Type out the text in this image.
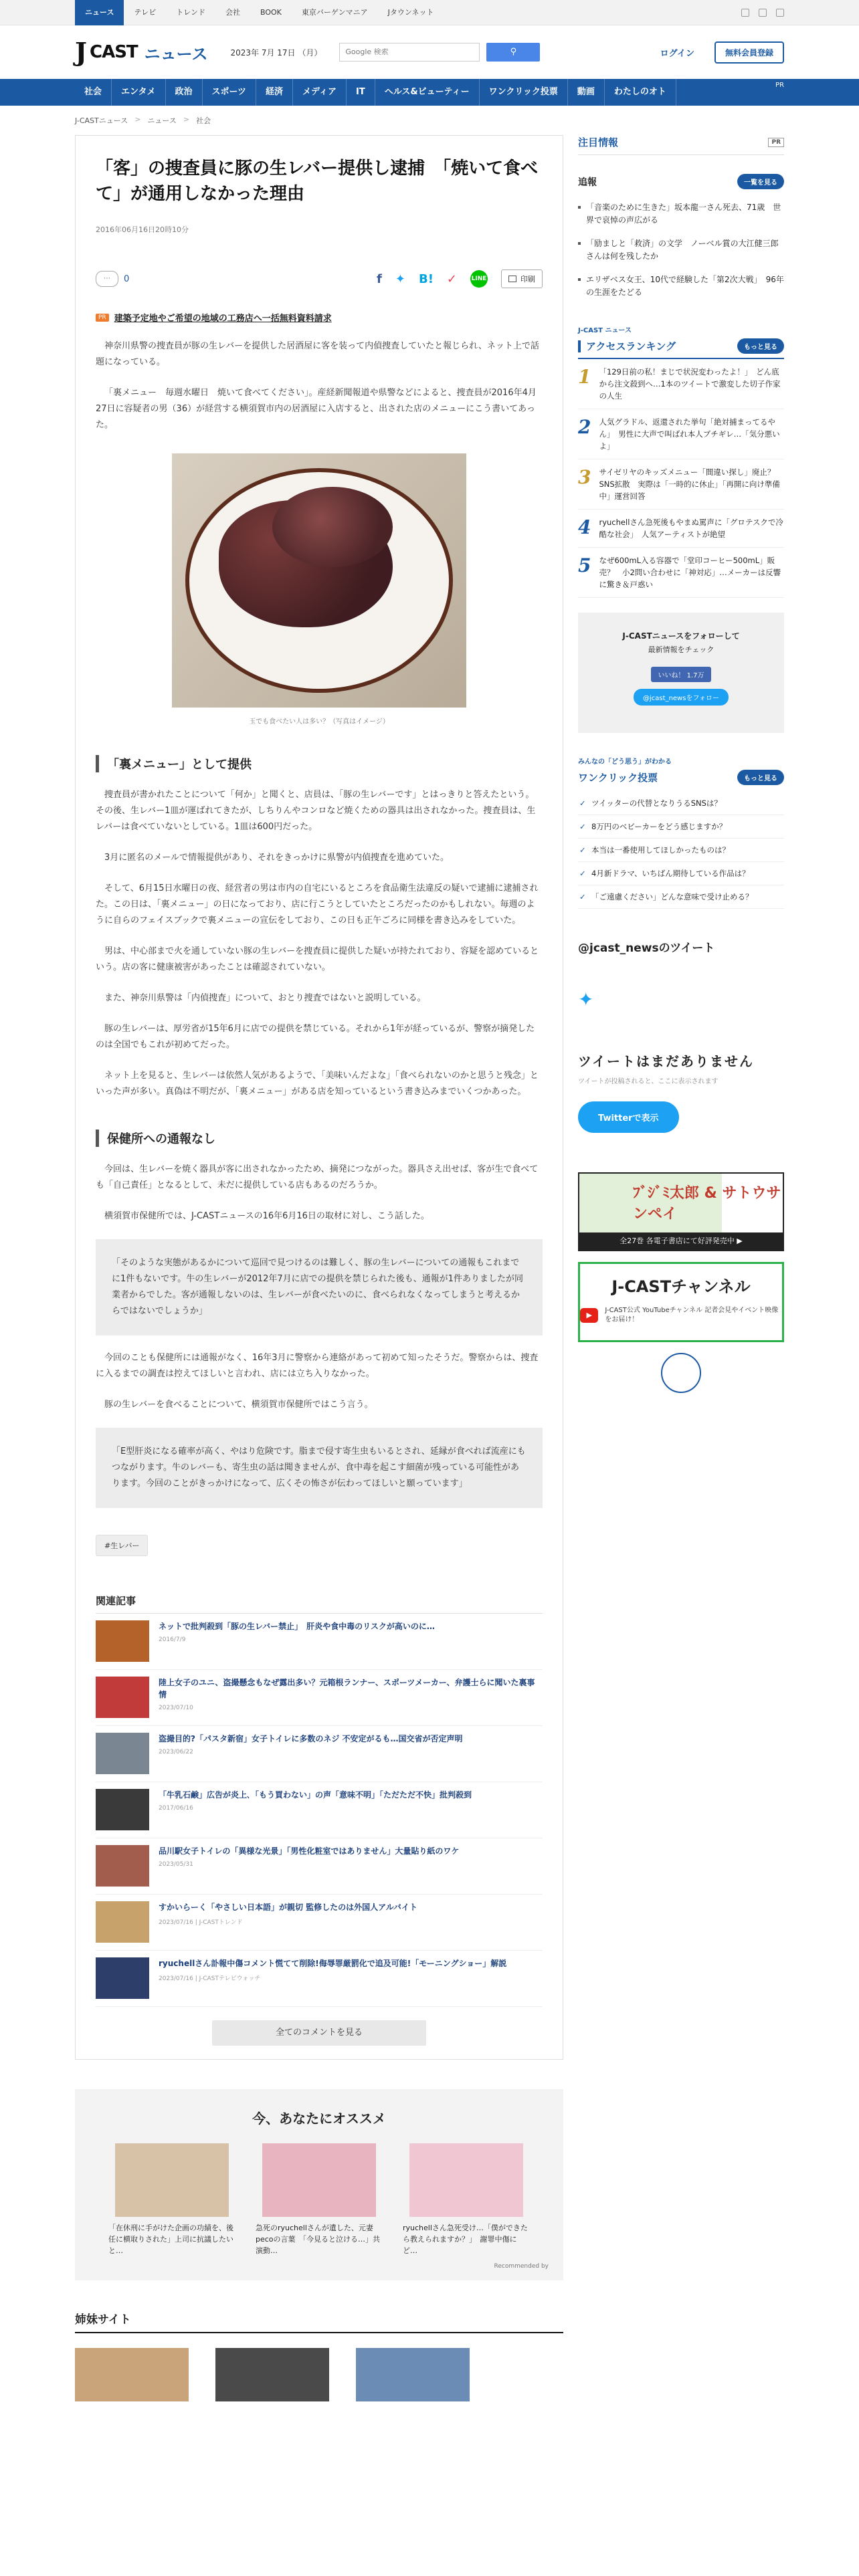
ニュース	テレビ	トレンド	会社	BOOK	東京バーゲンマニア	Jタウンネット
J CAST ニュース	2023年 7月 17日 （月）	Google 検索	⚲	ログイン	無料会員登録
社会	エンタメ	政治	スポーツ	経済	メディア	IT	ヘルス&ビューティー	ワンクリック投票	動画	わたしのオト
PR
J-CASTニュース > ニュース > 社会
「客」の捜査員に豚の生レバー提供し逮捕　「焼いて食べて」が通用しなかった理由
2016年06月16日20時10分
⋯	0	f ✦ B! ✓ LINE	印刷
PR 建築予定地やご希望の地域の工務店へ一括無料資料請求

神奈川県警の捜査員が豚の生レバーを提供した居酒屋に客を装って内偵捜査していたと報じられ、ネット上で話題になっている。

「裏メニュー　毎週水曜日　焼いて食べてください」。産経新聞報道や県警などによると、捜査員が2016年4月27日に容疑者の男（36）が経営する横須賀市内の居酒屋に入店すると、出された店のメニューにこう書いてあった。

玉でも食べたい人は多い？（写真はイメージ）
「裏メニュー」として提供

捜査員が書かれたことについて「何か」と聞くと、店員は、「豚の生レバーです」とはっきりと答えたという。その後、生レバー1皿が運ばれてきたが、しちりんやコンロなど焼くための器具は出されなかった。捜査員は、生レバーは食べていないとしている。1皿は600円だった。

3月に匿名のメールで情報提供があり、それをきっかけに県警が内偵捜査を進めていた。

そして、6月15日水曜日の夜、経営者の男は市内の自宅にいるところを食品衛生法違反の疑いで逮捕に逮捕された。この日は、「裏メニュー」の日になっており、店に行こうとしていたところだったのかもしれない。毎週のように自らのフェイスブックで裏メニューの宣伝をしており、この日も正午ごろに同様を書き込みをしていた。

男は、中心部まで火を通していない豚の生レバーを捜査員に提供した疑いが持たれており、容疑を認めているという。店の客に健康被害があったことは確認されていない。

また、神奈川県警は「内偵捜査」について、おとり捜査ではないと説明している。

豚の生レバーは、厚労省が15年6月に店での提供を禁じている。それから1年が経っているが、警察が摘発したのは全国でもこれが初めてだった。

ネット上を見ると、生レバーは依然人気があるようで、「美味いんだよな」「食べられないのかと思うと残念」といった声が多い。真偽は不明だが、「裏メニュー」がある店を知っているという書き込みまでいくつかあった。

保健所への通報なし

今回は、生レバーを焼く器具が客に出されなかったため、摘発につながった。器具さえ出せば、客が生で食べても「自己責任」となるとして、未だに提供している店もあるのだろうか。

横須賀市保健所では、J-CASTニュースの16年6月16日の取材に対し、こう話した。

「そのような実態があるかについて巡回で見つけるのは難しく、豚の生レバーについての通報もこれまでに1件もないです。牛の生レバーが2012年7月に店での提供を禁じられた後も、通報が1件ありましたが同業者からでした。客が通報しないのは、生レバーが食べたいのに、食べられなくなってしまうと考えるからではないでしょうか」

今回のことも保健所には通報がなく、16年3月に警察から連絡があって初めて知ったそうだ。警察からは、捜査に入るまでの調査は控えてほしいと言われ、店には立ち入りなかった。

豚の生レバーを食べることについて、横須賀市保健所ではこう言う。

「E型肝炎になる確率が高く、やはり危険です。脂まで侵す寄生虫もいるとされ、延縁が食べれば流産にもつながります。牛のレバーも、寄生虫の話は聞きませんが、食中毒を起こす細菌が残っている可能性があります。今回のことがきっかけになって、広くその怖さが伝わってほしいと願っています」
#生レバー
関連記事
ネットで批判殺到「豚の生レバー禁止」　肝炎や食中毒のリスクが高いのに…
2016/7/9
陸上女子のユニ、盗撮懸念もなぜ露出多い？元箱根ランナー、スポーツメーカー、弁護士らに聞いた裏事情
2023/07/10
盗撮目的?「パスタ新宿」女子トイレに多数のネジ 不安定がるも…国交省が否定声明
2023/06/22
「牛乳石鹸」広告が炎上､「もう買わない」の声「意味不明」「ただただ不快」批判殺到
2017/06/16
品川駅女子トイレの「異様な光景」「男性化粧室ではありません」大量貼り紙のワケ
2023/05/31
すかいらーく「やさしい日本語」が親切 監修したのは外国人アルバイト
2023/07/16 | J-CASTトレンド
ryuchellさん訃報中傷コメント慌てて削除!侮辱罪厳罰化で追及可能!「モーニングショー」解説
2023/07/16 | J-CASTテレビウォッチ
全てのコメントを見る
今、あなたにオススメ
「在休刑に手がけた企画の功績を、後任に横取りされた」上司に抗議したいと…
急死のryuchellさんが遺した、元妻pecoの言葉　「今見ると泣ける…」共演動…
ryuchellさん急死受け…「僕ができたら教えられますか？」　謝罪中傷にど…
Recommended by
姉妹サイト
注目情報	PR
追報	一覧を見る
「音楽のために生きた」坂本龍一さん死去、71歳　世界で哀悼の声広がる
「励ましと「救済」の文学　ノーベル賞の大江健三郎さんは何を残したか
エリザベス女王、10代で経験した「第2次大戦」　96年の生涯をたどる
J-CAST ニュース
アクセスランキング	もっと見る
1 「129日前の私！まじで状況変わったよ！」　どん底から注文殺到へ…1本のツイートで激変した切子作家の人生
2 人気グラドル、返還された挙句「絶対捕まってるやん」　男性に大声で叫ばれ本人ブチギレ…「気分悪いよ」
3 サイゼリヤのキッズメニュー「間違い探し」廃止？SNS拡散　実際は「一時的に休止」「再開に向け準備中」運営回答
4 ryuchellさん急死後もやまぬ罵声に「グロテスクで冷酷な社会」　人気アーティストが絶望
5 なぜ600mL入る容器で「堂印コーヒー500mL」販売？　小2問い合わせに「神対応」…メーカーは反響に驚き＆戸惑い
J-CASTニュースをフォローして
最新情報をチェック
いいね！ 1.7万
@jcast_newsをフォロー
みんなの「どう思う」がわかる
ワンクリック投票	もっと見る
✓ ツイッターの代替となりうるSNSは？
✓ 8万円のベビーカーをどう感じますか？
✓ 本当は一番使用してほしかったものは？
✓ 4月新ドラマ、いちばん期待している作品は？
✓ 「ご遠慮ください」どんな意味で受け止める？
@jcast_newsのツイート
✦
ツイートはまだありません
ツイートが投稿されると、ここに表示されます
Twitterで表示
ﾌﾞｼﾞﾐ太郎 & サトウサンペイ
全27巻 各電子書店にて好評発売中 ▶
J-CASTチャンネル
▶
J-CAST公式 YouTubeチャンネル 記者会見やイベント映像をお届け！
